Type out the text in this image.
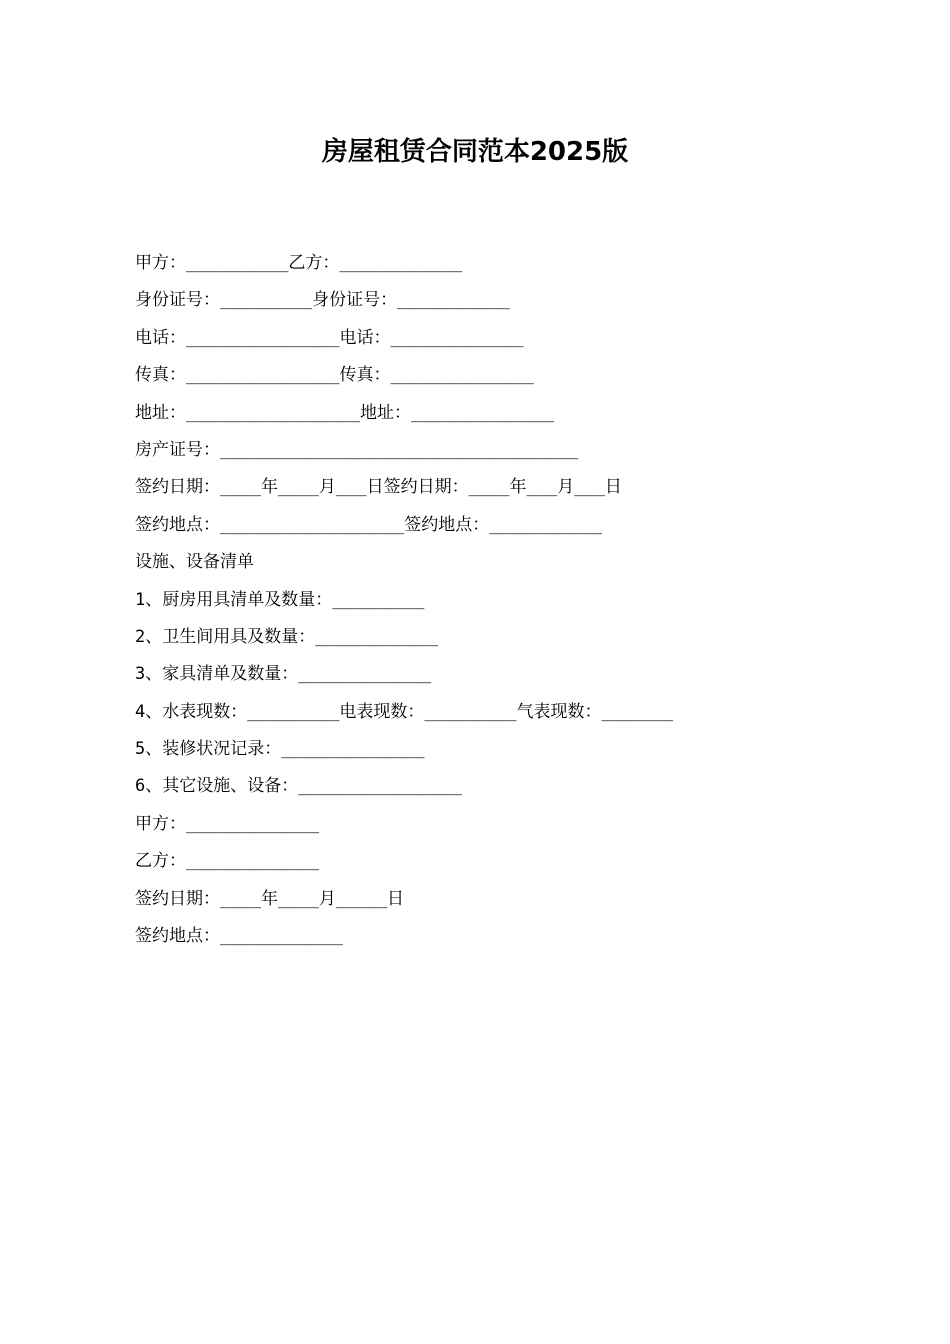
房屋租赁合同范本2025版
甲方：__________乙方：____________
身份证号：_________身份证号：___________
电话：_______________电话：_____________
传真：_______________传真：______________
地址：_________________地址：______________
房产证号：___________________________________
签约日期：____年____月___日签约日期：____年___月___日
签约地点：__________________签约地点：___________
设施、设备清单
1、厨房用具清单及数量：_________
2、卫生间用具及数量：____________
3、家具清单及数量：_____________
4、水表现数：_________电表现数：_________气表现数：_______
5、装修状况记录：______________
6、其它设施、设备：________________
甲方：_____________
乙方：_____________
签约日期：____年____月_____日
签约地点：____________
